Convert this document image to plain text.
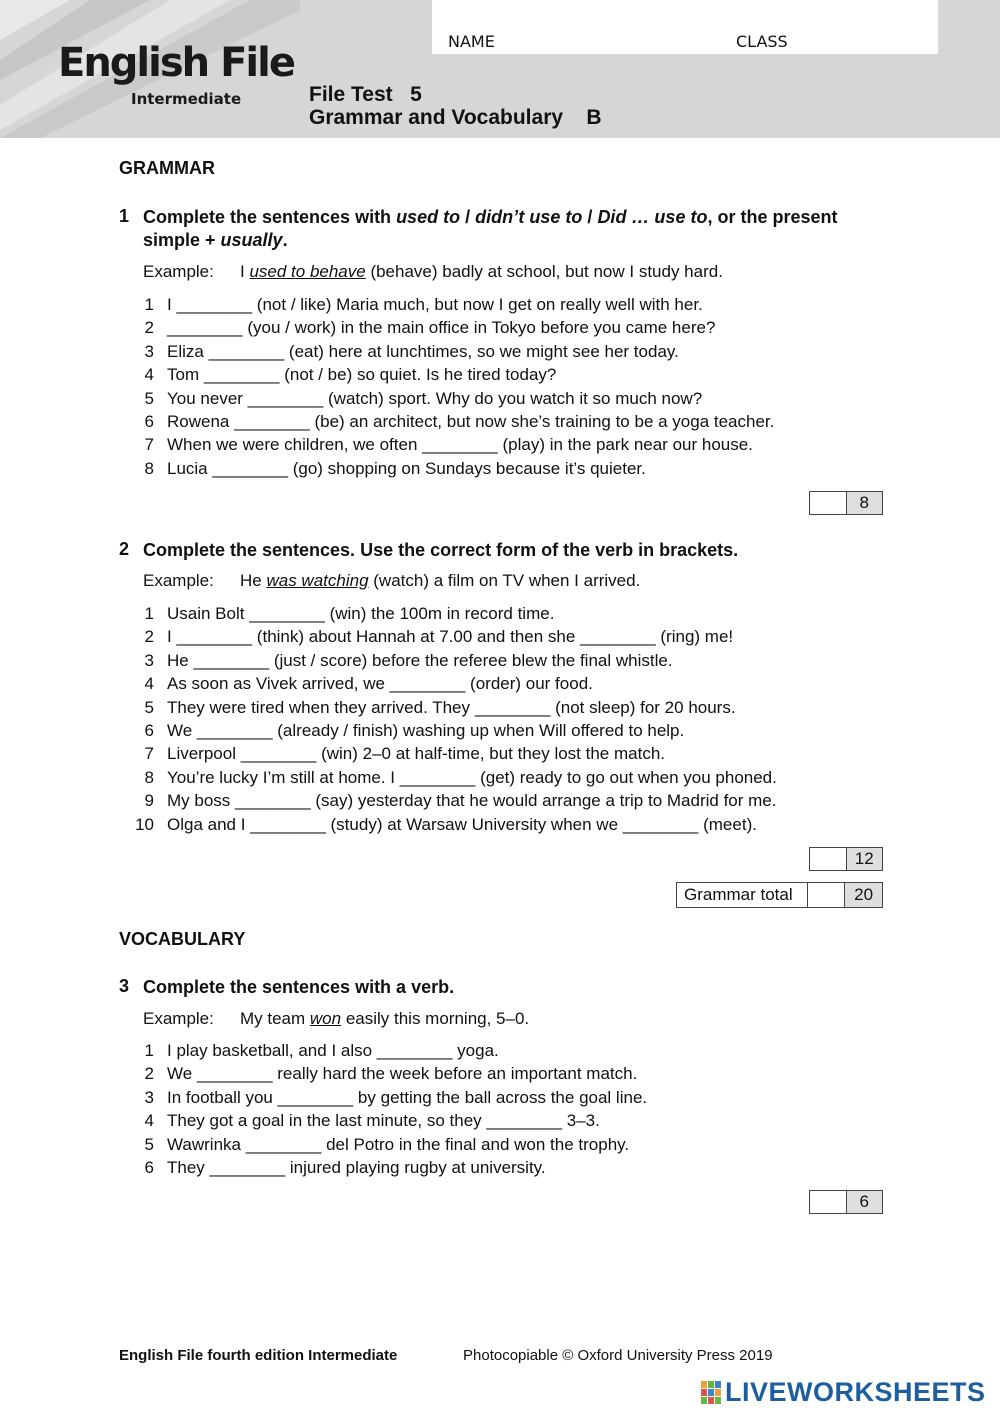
English File
Intermediate
NAME	CLASS
File Test   5
Grammar and Vocabulary    B
GRAMMAR
1 Complete the sentences with used to / didn’t use to / Did … use to, or the present simple + usually.
Example: I used to behave (behave) badly at school, but now I study hard.
1 I ________ (not / like) Maria much, but now I get on really well with her.
2 ________ (you / work) in the main office in Tokyo before you came here?
3 Eliza ________ (eat) here at lunchtimes, so we might see her today.
4 Tom ________ (not / be) so quiet. Is he tired today?
5 You never ________ (watch) sport. Why do you watch it so much now?
6 Rowena ________ (be) an architect, but now she’s training to be a yoga teacher.
7 When we were children, we often ________ (play) in the park near our house.
8 Lucia ________ (go) shopping on Sundays because it’s quieter.
8
2 Complete the sentences. Use the correct form of the verb in brackets.
Example: He was watching (watch) a film on TV when I arrived.
1 Usain Bolt ________ (win) the 100m in record time.
2 I ________ (think) about Hannah at 7.00 and then she ________ (ring) me!
3 He ________ (just / score) before the referee blew the final whistle.
4 As soon as Vivek arrived, we ________ (order) our food.
5 They were tired when they arrived. They ________ (not sleep) for 20 hours.
6 We ________ (already / finish) washing up when Will offered to help.
7 Liverpool ________ (win) 2–0 at half-time, but they lost the match.
8 You’re lucky I’m still at home. I ________ (get) ready to go out when you phoned.
9 My boss ________ (say) yesterday that he would arrange a trip to Madrid for me.
10 Olga and I ________ (study) at Warsaw University when we ________ (meet).
12
Grammar total	20
VOCABULARY
3 Complete the sentences with a verb.
Example: My team won easily this morning, 5–0.
1 I play basketball, and I also ________ yoga.
2 We ________ really hard the week before an important match.
3 In football you ________ by getting the ball across the goal line.
4 They got a goal in the last minute, so they ________ 3–3.
5 Wawrinka ________ del Potro in the final and won the trophy.
6 They ________ injured playing rugby at university.
6
English File fourth edition Intermediate	Photocopiable © Oxford University Press 2019
LIVEWORKSHEETS
